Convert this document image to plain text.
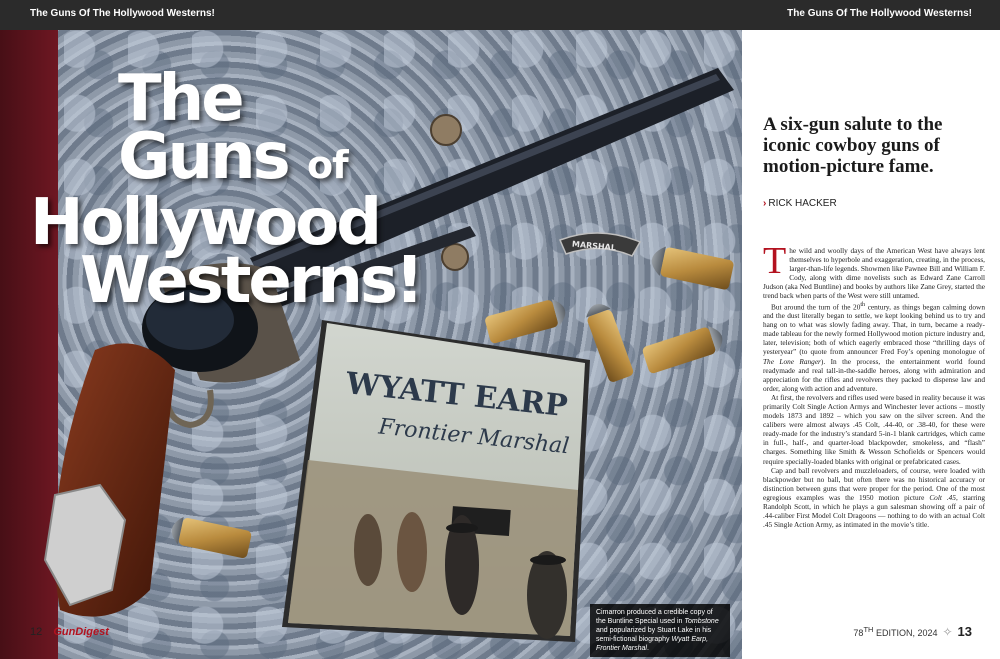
The Guns Of The Hollywood Westerns!	The Guns Of The Hollywood Westerns!
MARSHAL
WYATT EARP
Frontier Marshal
The Guns of
Hollywood
Westerns!
Cimarron produced a credible copy of the Buntline Special used in Tombstone and popularized by Stuart Lake in his semi-fictional biography Wyatt Earp, Frontier Marshal.
12 GunDigest
A six-gun salute to the iconic cowboy guns of motion-picture fame.
› RICK HACKER

The wild and woolly days of the American West have always lent themselves to hyperbole and exaggeration, creating, in the process, larger-than-life legends. Showmen like Pawnee Bill and William F. Cody, along with dime novelists such as Edward Zane Carroll Judson (aka Ned Buntline) and books by authors like Zane Grey, started the trend back when parts of the West were still untamed.

But around the turn of the 20th century, as things began calming down and the dust literally began to settle, we kept looking behind us to try and hang on to what was slowly fading away. That, in turn, became a ready-made tableau for the newly formed Hollywood motion picture industry and, later, television; both of which eagerly embraced those “thrilling days of yesteryear” (to quote from announcer Fred Foy’s opening monologue of The Lone Ranger). In the process, the entertainment world found readymade and real tall-in-the-saddle heroes, along with admiration and appreciation for the rifles and revolvers they packed to dispense law and order, along with action and adventure.

At first, the revolvers and rifles used were based in reality because it was primarily Colt Single Action Armys and Winchester lever actions – mostly models 1873 and 1892 – which you saw on the silver screen. And the calibers were almost always .45 Colt, .44-40, or .38-40, for these were ready-made for the industry’s standard 5-in-1 blank cartridges, which came in full-, half-, and quarter-load blackpowder, smokeless, and “flash” charges. Something like Smith & Wesson Schofields or Spencers would require specially-loaded blanks with original or prefabricated cases.

Cap and ball revolvers and muzzleloaders, of course, were loaded with blackpowder but no ball, but often there was no historical accuracy or distinction between guns that were proper for the period. One of the most egregious examples was the 1950 motion picture Colt .45, starring Randolph Scott, in which he plays a gun salesman showing off a pair of .44-caliber First Model Colt Dragoons — nothing to do with an actual Colt .45 Single Action Army, as intimated in the movie’s title.

78TH EDITION, 2024 ✧ 13
